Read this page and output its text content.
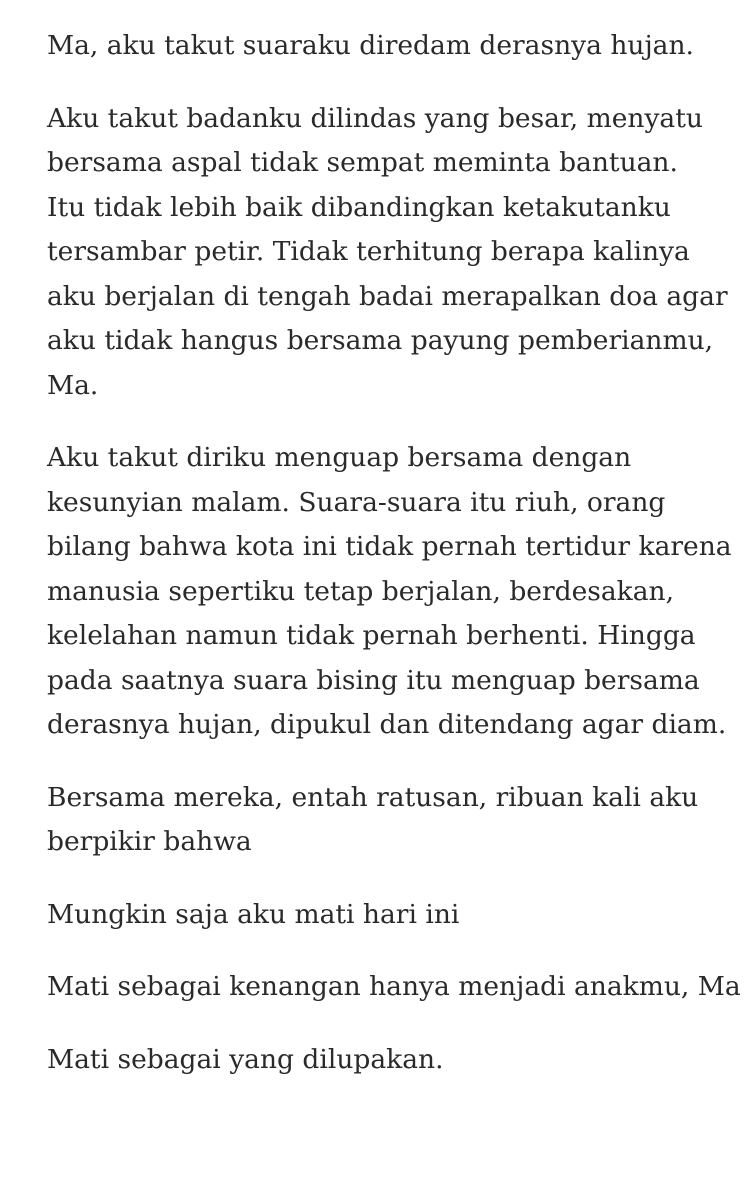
Ma, aku takut suaraku diredam derasnya hujan.

Aku takut badanku dilindas yang besar, menyatu
bersama aspal tidak sempat meminta bantuan.
Itu tidak lebih baik dibandingkan ketakutanku
tersambar petir. Tidak terhitung berapa kalinya
aku berjalan di tengah badai merapalkan doa agar
aku tidak hangus bersama payung pemberianmu,
Ma.

Aku takut diriku menguap bersama dengan
kesunyian malam. Suara-suara itu riuh, orang
bilang bahwa kota ini tidak pernah tertidur karena
manusia sepertiku tetap berjalan, berdesakan,
kelelahan namun tidak pernah berhenti. Hingga
pada saatnya suara bising itu menguap bersama
derasnya hujan, dipukul dan ditendang agar diam.

Bersama mereka, entah ratusan, ribuan kali aku
berpikir bahwa

Mungkin saja aku mati hari ini

Mati sebagai kenangan hanya menjadi anakmu, Ma

Mati sebagai yang dilupakan.
